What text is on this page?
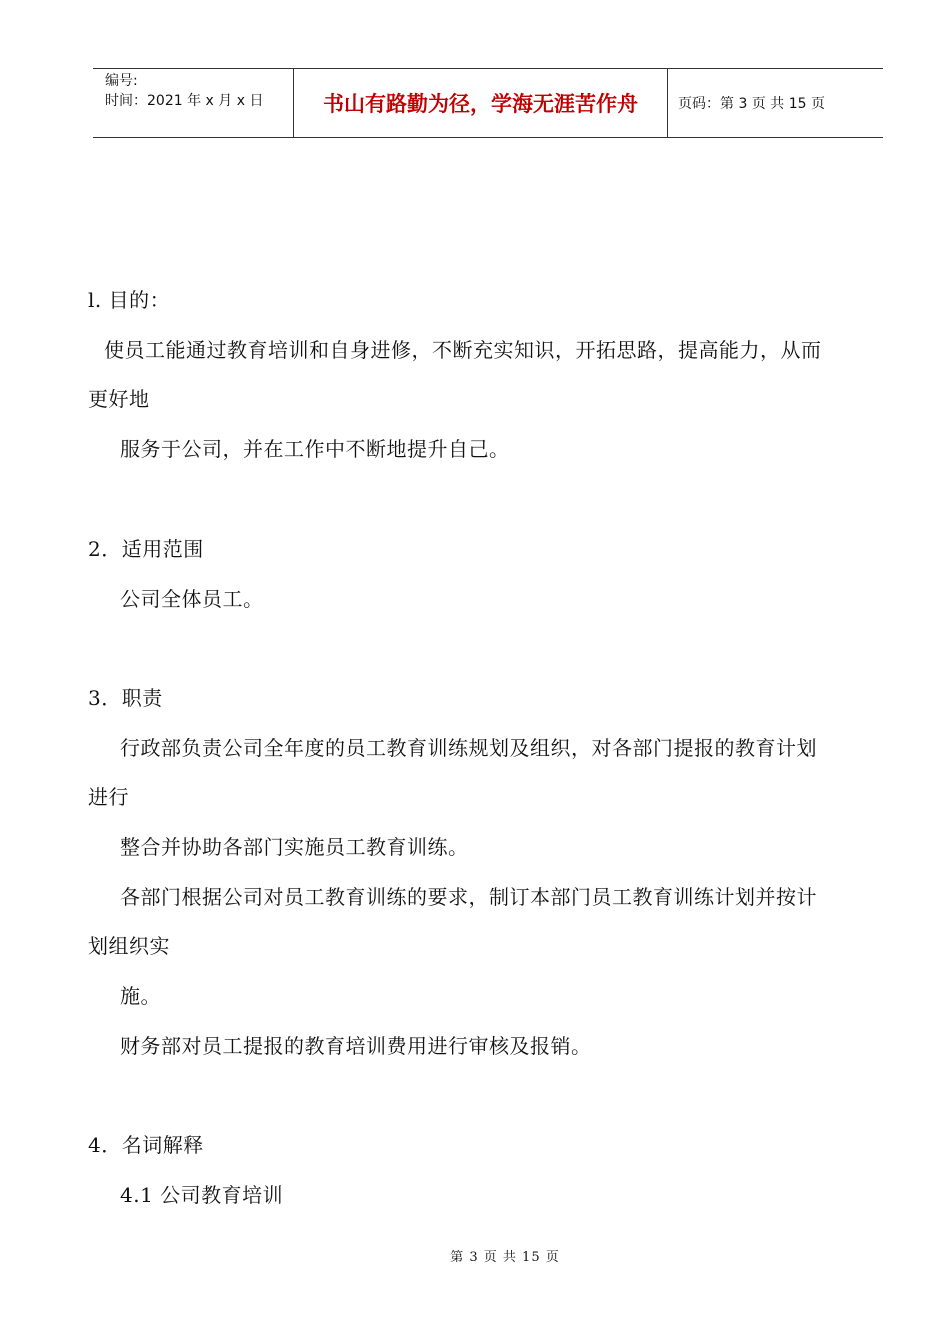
编号:
时间：2021 年 x 月 x 日	书山有路勤为径，学海无涯苦作舟	页码：第 3 页 共 15 页
l. 目的：
使员工能通过教育培训和自身进修，不断充实知识，开拓思路，提高能力，从而
更好地
服务于公司，并在工作中不断地提升自己。
2．适用范围
公司全体员工。
3．职责
行政部负责公司全年度的员工教育训练规划及组织，对各部门提报的教育计划
进行
整合并协助各部门实施员工教育训练。
各部门根据公司对员工教育训练的要求，制订本部门员工教育训练计划并按计
划组织实
施。
财务部对员工提报的教育培训费用进行审核及报销。
4．名词解释
4.1 公司教育培训
第 3 页 共 15 页
